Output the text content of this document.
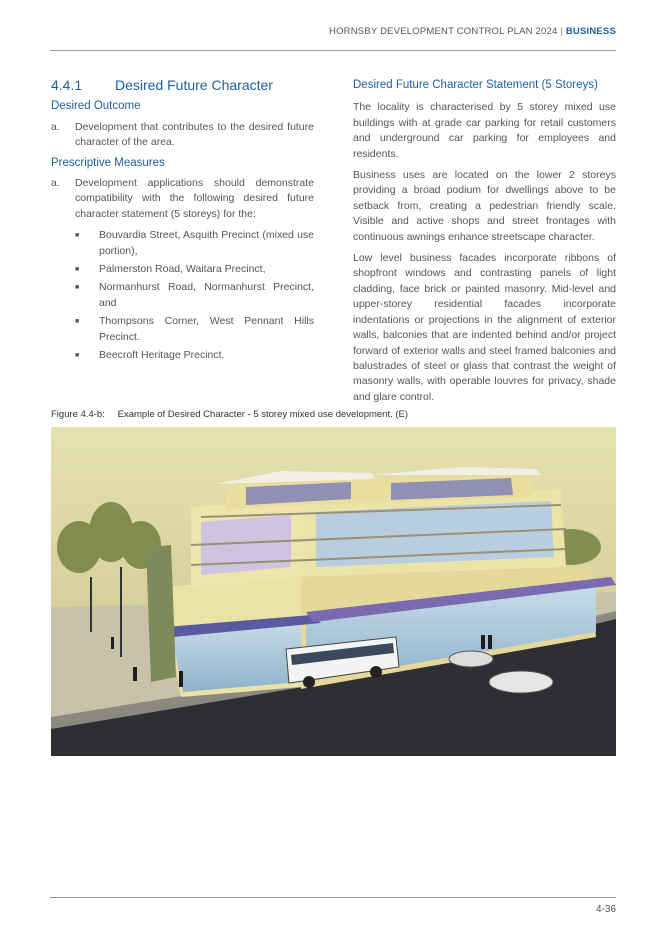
HORNSBY DEVELOPMENT CONTROL PLAN 2024 | BUSINESS
4.4.1	Desired Future Character
Desired Outcome
a.	Development that contributes to the desired future character of the area.
Prescriptive Measures
a.	Development applications should demonstrate compatibility with the following desired future character statement (5 storeys) for the:
■	Bouvardia Street, Asquith Precinct (mixed use portion),
■	Palmerston Road, Waitara Precinct,
■	Normanhurst Road, Normanhurst Precinct, and
■	Thompsons Corner, West Pennant Hills Precinct.
■	Beecroft Heritage Precinct.
Desired Future Character Statement (5 Storeys)

The locality is characterised by 5 storey mixed use buildings with at grade car parking for retail customers and underground car parking for employees and residents.

Business uses are located on the lower 2 storeys providing a broad podium for dwellings above to be setback from, creating a pedestrian friendly scale. Visible and active shops and street frontages with continuous awnings enhance streetscape character.

Low level business facades incorporate ribbons of shopfront windows and contrasting panels of light cladding, face brick or painted masonry. Mid-level and upper-storey residential facades incorporate indentations or projections in the alignment of exterior walls, balconies that are indented behind and/or project forward of exterior walls and steel framed balconies and balustrades of steel or glass that contrast the weight of masonry walls, with operable louvres for privacy, shade and glare control.

Figure 4.4-b: Example of Desired Character - 5 storey mixed use development. (E)
4-36
